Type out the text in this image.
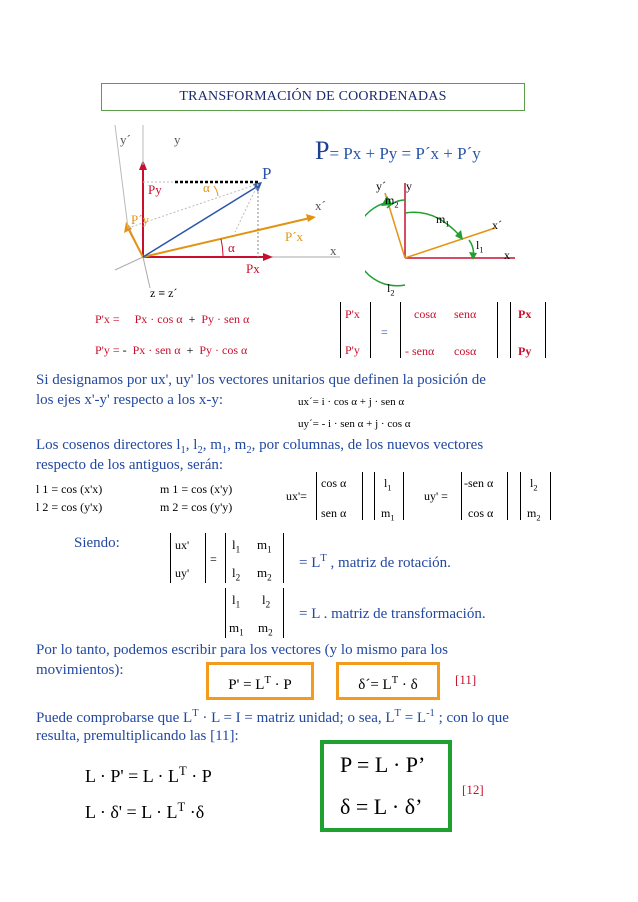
TRANSFORMACIÓN DE COORDENADAS
y´	y
Py	α
P
P´y
x´
P´x
α	x
Px
z ≡ z´
P= Px + Py = P´x + P´y
y´ y
$m_2$
$m_1$	x´
$l_1$ x
$l_2$
P'x = Px · cos α + Py · sen α
P'y = - Px · sen α + Py · cos α
P'x
P'y
=
cosα senα
- senα cosα
Px
Py
Si designamos por ux', uy' los vectores unitarios que definen la posición de
los ejes x'-y' respecto a los x-y:	ux´= i · cos α + j · sen α
uy´= - i · sen α + j · cos α
Los cosenos directores $l_1$, $l_2$, $m_1$, $m_2$, por columnas, de los nuevos vectores
respecto de los antiguos, serán:
l 1 = cos (x'x)
l 2 = cos (y'x)
m 1 = cos (x'y)
m 2 = cos (y'y)
ux'=
cos α
sen α
$l_1$
$m_1$
uy' =
-sen α
cos α
$l_2$
$m_2$
Siendo:	ux'
uy'
=
$l_1$ $m_1$
$l_2$ $m_2$
= $L^T$ , matriz de rotación.
$l_1$ $l_2$
$m_1$ $m_2$
= L . matriz de transformación.
Por lo tanto, podemos escribir para los vectores (y lo mismo para los
movimientos):
$P' = L^T \cdot P$	δ´= $L^T \cdot \delta$	[11]
Puede comprobarse que $L^T \cdot L = I$ = matriz unidad; o sea, $L^T = L^{-1}$ ; con lo que
resulta, premultiplicando las [11]:
$L \cdot P' = L \cdot L^T \cdot P$
$L \cdot \delta' = L \cdot L^T \cdot\delta$
P = L · P’
δ = L · δ’
[12]
